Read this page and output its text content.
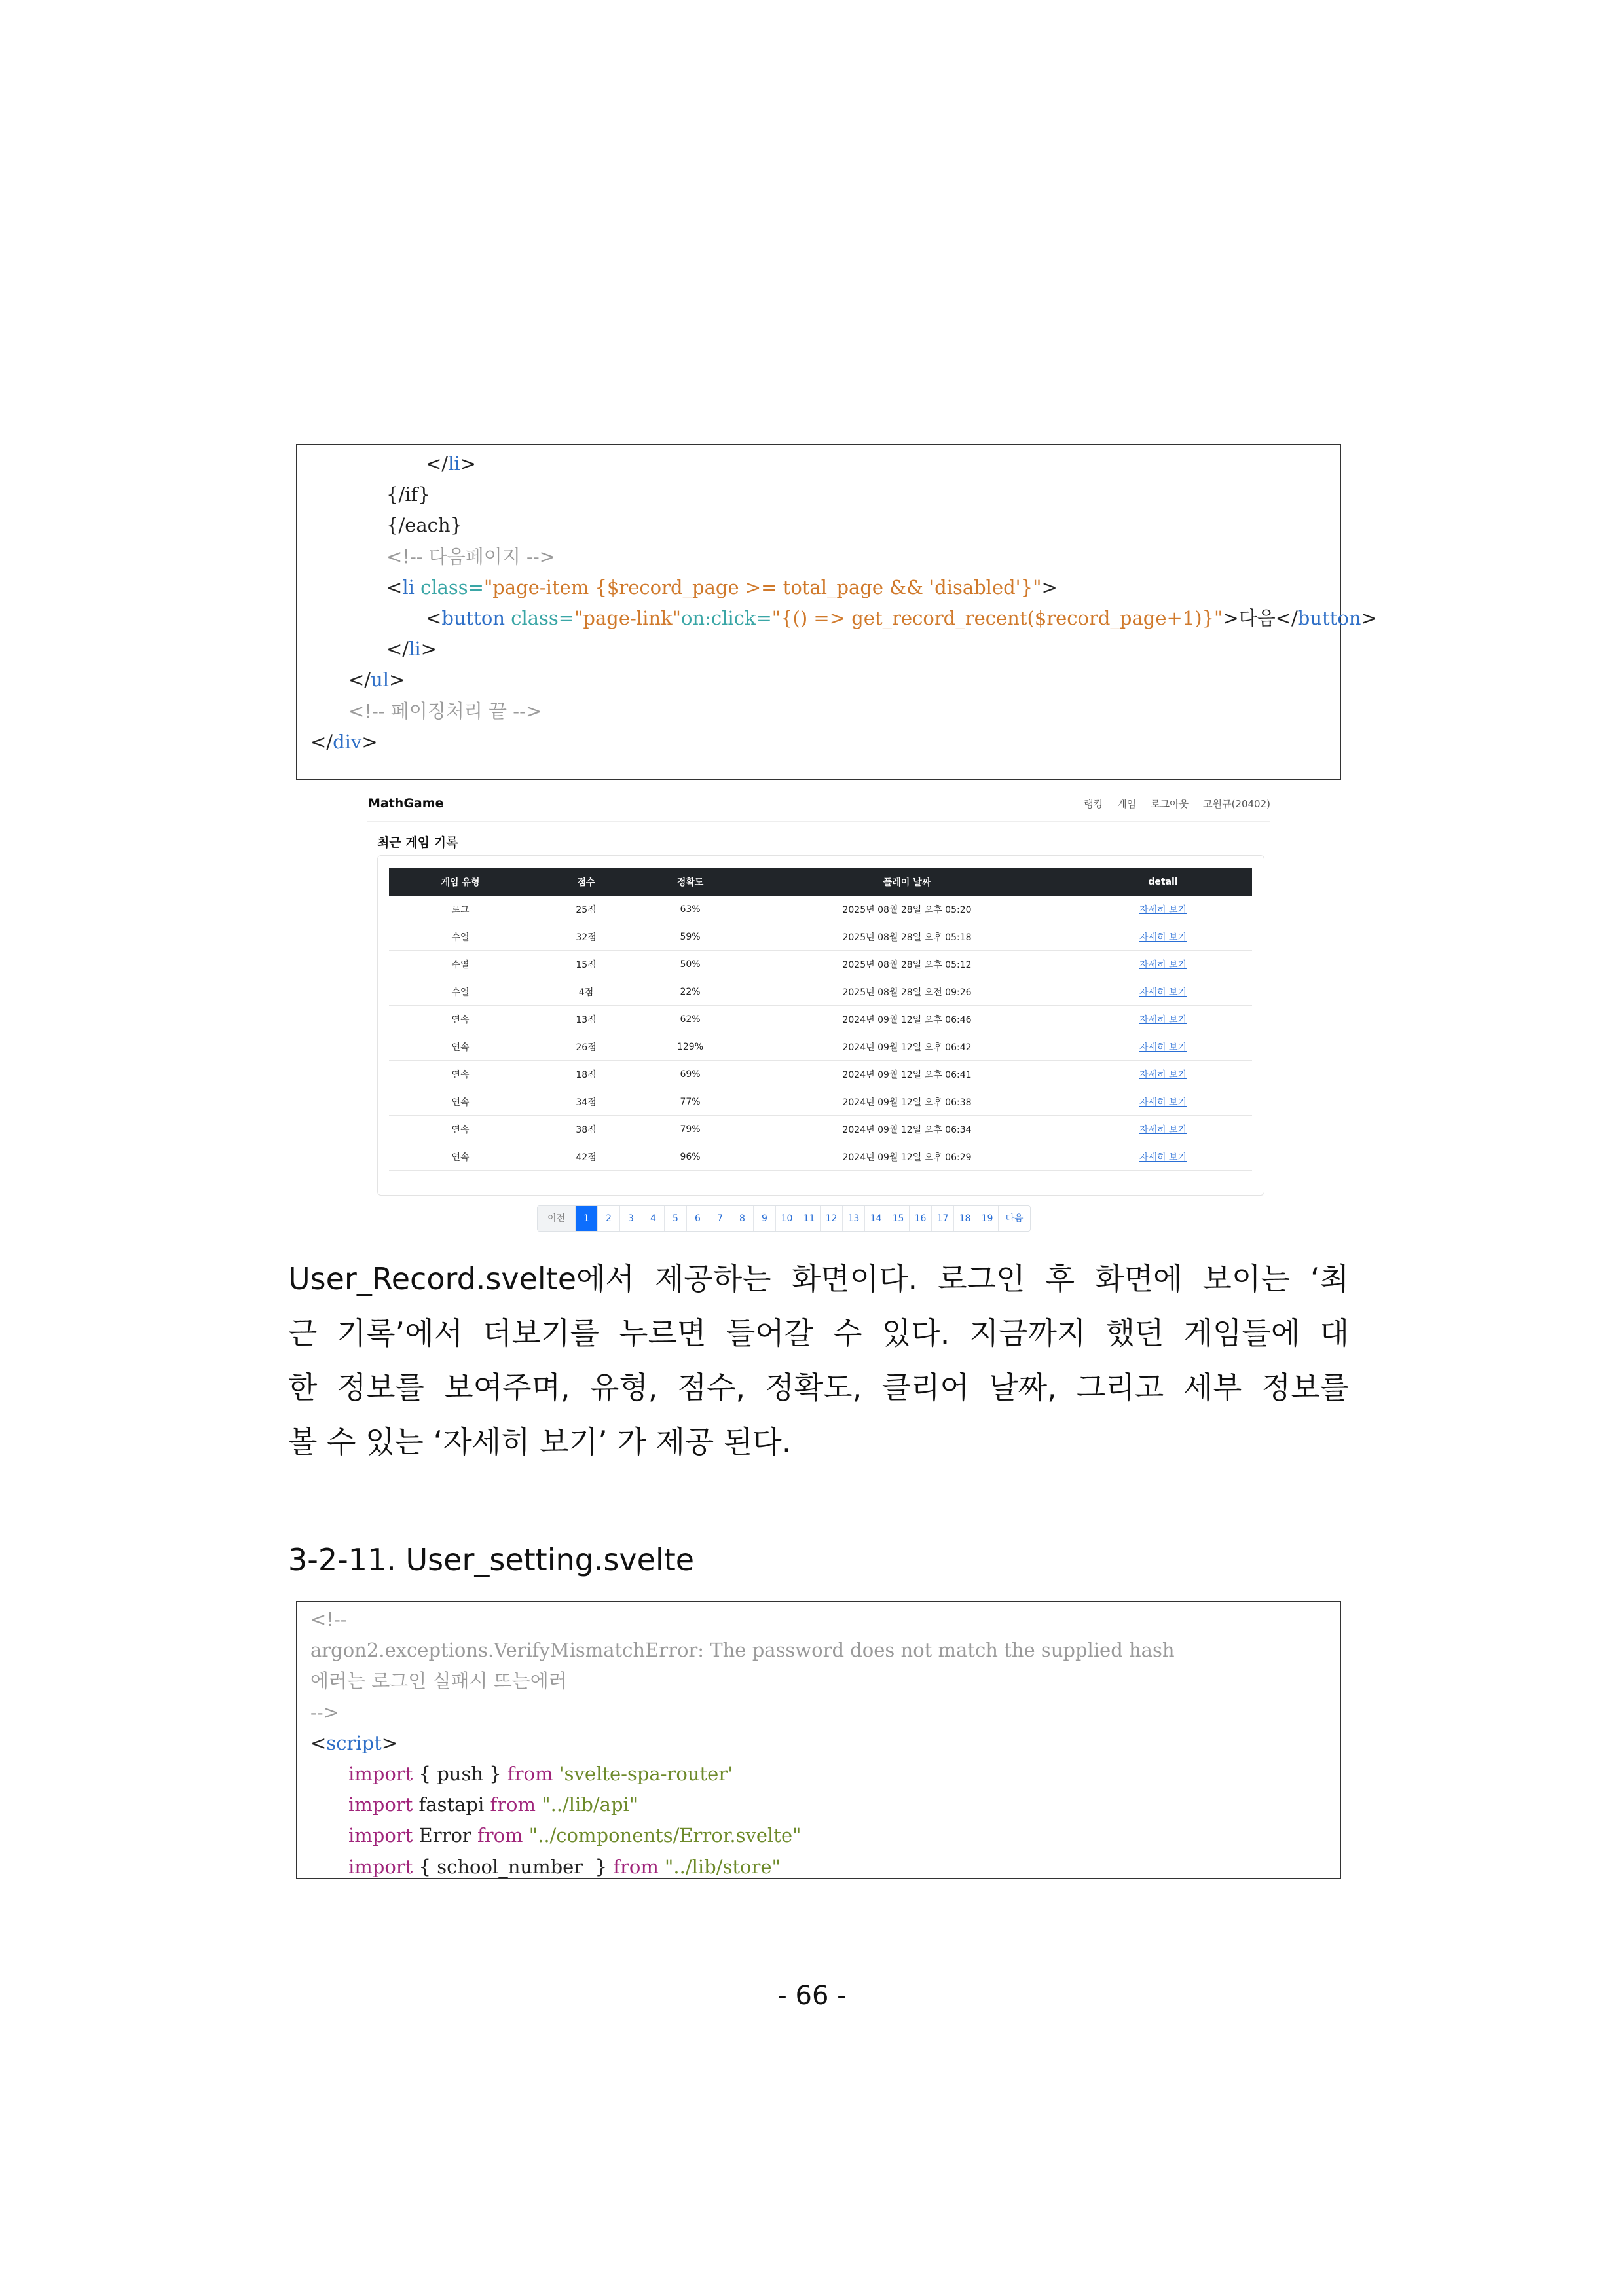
</li>
{/if}
{/each}
<!-- 다음페이지 -->
<li class="page-item {$record_page >= total_page && 'disabled'}">
<button class="page-link"on:click="{() => get_record_recent($record_page+1)}">다음</button>
</li>
</ul>
<!-- 페이징처리 끝 -->
</div>
MathGame	랭킹 게임 로그아웃 고원규(20402)
최근 게임 기록
게임 유형	점수	정확도	플레이 날짜	detail
로그	25점	63%	2025년 08월 28일 오후 05:20	자세히 보기
수열	32점	59%	2025년 08월 28일 오후 05:18	자세히 보기
수열	15점	50%	2025년 08월 28일 오후 05:12	자세히 보기
수열	4점	22%	2025년 08월 28일 오전 09:26	자세히 보기
연속	13점	62%	2024년 09월 12일 오후 06:46	자세히 보기
연속	26점	129%	2024년 09월 12일 오후 06:42	자세히 보기
연속	18점	69%	2024년 09월 12일 오후 06:41	자세히 보기
연속	34점	77%	2024년 09월 12일 오후 06:38	자세히 보기
연속	38점	79%	2024년 09월 12일 오후 06:34	자세히 보기
연속	42점	96%	2024년 09월 12일 오후 06:29	자세히 보기
이전	1	2	3	4	5	6	7	8	9	10	11	12	13	14	15	16	17	18	19	다음
User_Record.svelte에서 제공하는 화면이다. 로그인 후 화면에 보이는 ‘최
근 기록’에서 더보기를 누르면 들어갈 수 있다. 지금까지 했던 게임들에 대
한 정보를 보여주며, 유형, 점수, 정확도, 클리어 날짜, 그리고 세부 정보를
볼 수 있는 ‘자세히 보기’ 가 제공 된다.
3-2-11. User_setting.svelte
<!--
argon2.exceptions.VerifyMismatchError: The password does not match the supplied hash
에러는 로그인 실패시 뜨는에러
-->
<script>
import { push } from 'svelte-spa-router'
import fastapi from "../lib/api"
import Error from "../components/Error.svelte"
import { school_number  } from "../lib/store"
- 66 -
